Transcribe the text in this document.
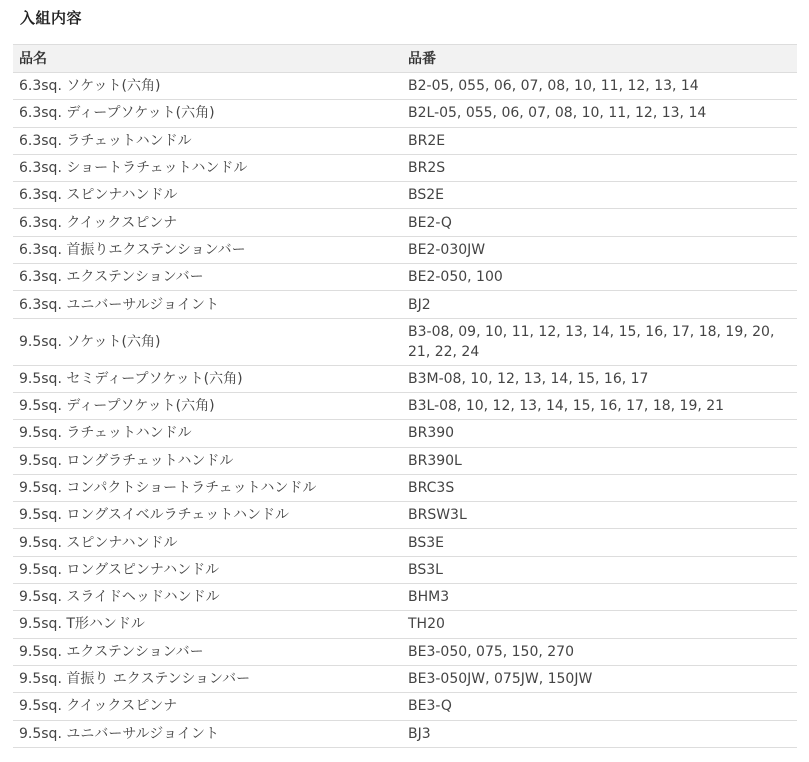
入組内容
品名	品番
6.3sq. ソケット(六角)	B2-05, 055, 06, 07, 08, 10, 11, 12, 13, 14
6.3sq. ディープソケット(六角)	B2L-05, 055, 06, 07, 08, 10, 11, 12, 13, 14
6.3sq. ラチェットハンドル	BR2E
6.3sq. ショートラチェットハンドル	BR2S
6.3sq. スピンナハンドル	BS2E
6.3sq. クイックスピンナ	BE2-Q
6.3sq. 首振りエクステンションバー	BE2-030JW
6.3sq. エクステンションバー	BE2-050, 100
6.3sq. ユニバーサルジョイント	BJ2
9.5sq. ソケット(六角)	B3-08, 09, 10, 11, 12, 13, 14, 15, 16, 17, 18, 19, 20, 21, 22, 24
9.5sq. セミディープソケット(六角)	B3M-08, 10, 12, 13, 14, 15, 16, 17
9.5sq. ディープソケット(六角)	B3L-08, 10, 12, 13, 14, 15, 16, 17, 18, 19, 21
9.5sq. ラチェットハンドル	BR390
9.5sq. ロングラチェットハンドル	BR390L
9.5sq. コンパクトショートラチェットハンドル	BRC3S
9.5sq. ロングスイベルラチェットハンドル	BRSW3L
9.5sq. スピンナハンドル	BS3E
9.5sq. ロングスピンナハンドル	BS3L
9.5sq. スライドヘッドハンドル	BHM3
9.5sq. T形ハンドル	TH20
9.5sq. エクステンションバー	BE3-050, 075, 150, 270
9.5sq. 首振り エクステンションバー	BE3-050JW, 075JW, 150JW
9.5sq. クイックスピンナ	BE3-Q
9.5sq. ユニバーサルジョイント	BJ3
